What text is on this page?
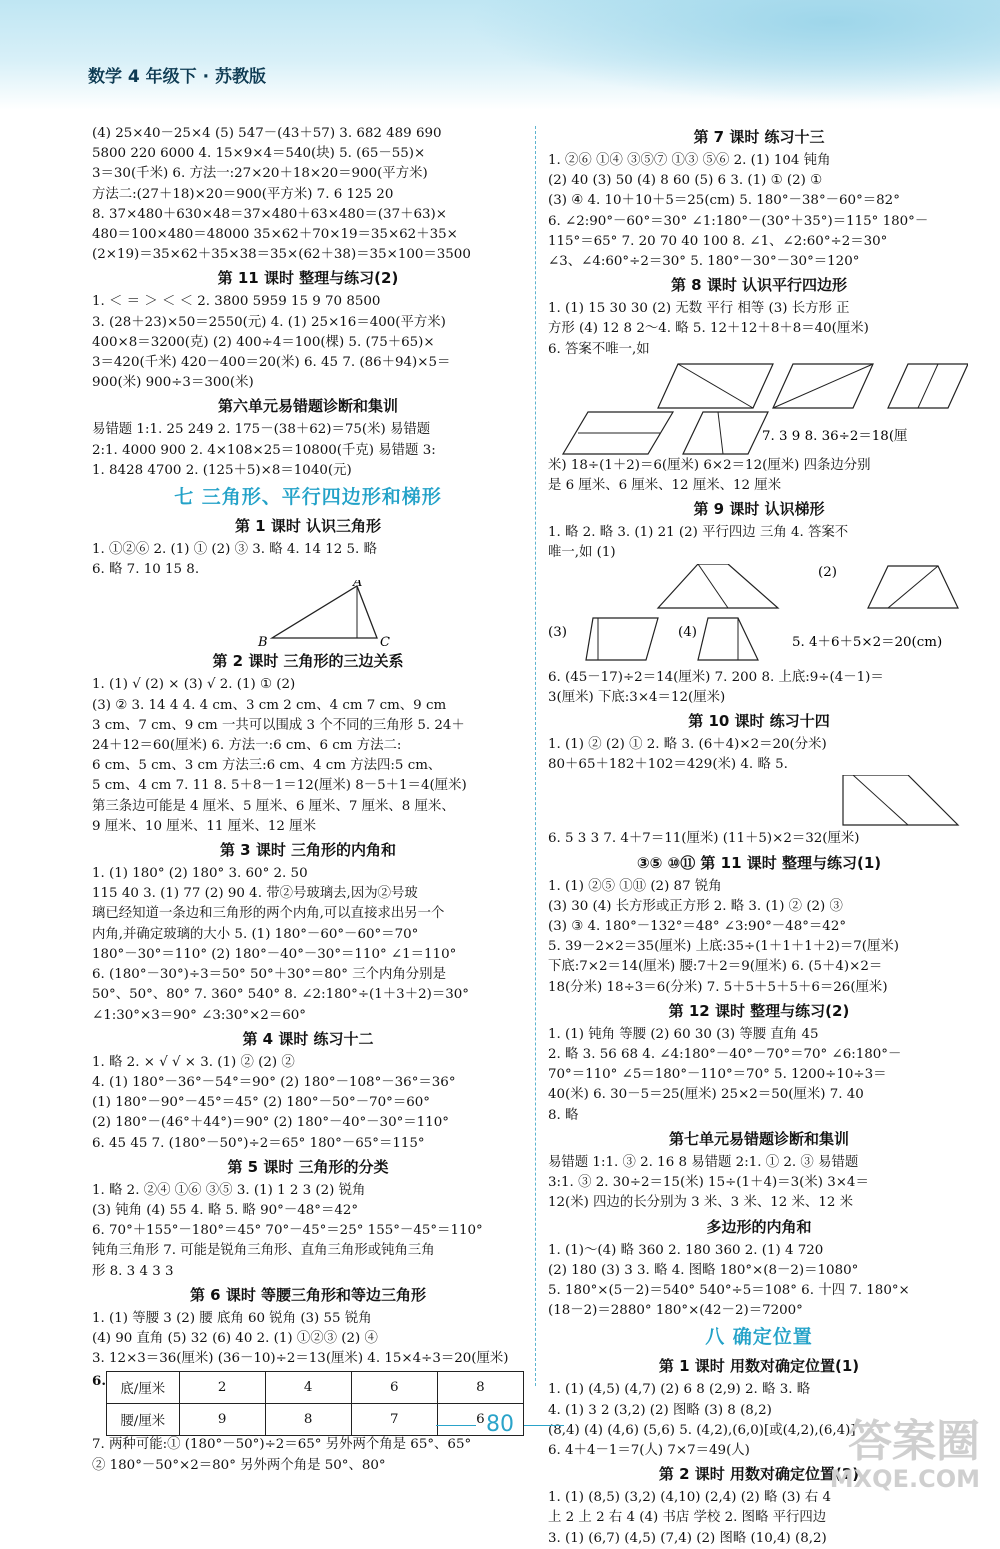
数学 4 年级下 · 苏教版
(4) 25×40－25×4 (5) 547－(43＋57) 3. 682 489 690
5800 220 6000 4. 15×9×4＝540(块) 5. (65－55)×
3＝30(千米) 6. 方法一:27×20＋18×20＝900(平方米)
方法二:(27＋18)×20＝900(平方米) 7. 6 125 20
8. 37×480＋630×48＝37×480＋63×480＝(37＋63)×
480＝100×480＝48000 35×62＋70×19＝35×62＋35×
(2×19)＝35×62＋35×38＝35×(62＋38)＝35×100＝3500
第 11 课时 整理与练习(2)
1. ＜ ＝ ＞ ＜ ＜ 2. 3800 5959 15 9 70 8500
3. (28＋23)×50＝2550(元) 4. (1) 25×16＝400(平方米)
400×8＝3200(克) (2) 400÷4＝100(棵) 5. (75＋65)×
3＝420(千米) 420－400＝20(米) 6. 45 7. (86＋94)×5＝
900(米) 900÷3＝300(米)
第六单元易错题诊断和集训
易错题 1:1. 25 249 2. 175－(38＋62)＝75(米) 易错题
2:1. 4000 900 2. 4×108×25＝10800(千克) 易错题 3:
1. 8428 4700 2. (125＋5)×8＝1040(元)
七 三角形、平行四边形和梯形
第 1 课时 认识三角形
1. ①②⑥ 2. (1) ① (2) ③ 3. 略 4. 14 12 5. 略
6. 略 7. 10 15 8.
A
B	C
第 2 课时 三角形的三边关系
1. (1) √ (2) × (3) √ 2. (1) ① (2)
(3) ② 3. 14 4 4. 4 cm、3 cm 2 cm、4 cm 7 cm、9 cm
3 cm、7 cm、9 cm 一共可以围成 3 个不同的三角形 5. 24＋
24＋12＝60(厘米) 6. 方法一:6 cm、6 cm 方法二:
6 cm、5 cm、3 cm 方法三:6 cm、4 cm 方法四:5 cm、
5 cm、4 cm 7. 11 8. 5＋8－1＝12(厘米) 8－5＋1＝4(厘米)
第三条边可能是 4 厘米、5 厘米、6 厘米、7 厘米、8 厘米、
9 厘米、10 厘米、11 厘米、12 厘米
第 3 课时 三角形的内角和
1. (1) 180° (2) 180° 3. 60° 2. 50
115 40 3. (1) 77 (2) 90 4. 带②号玻璃去,因为②号玻
璃已经知道一条边和三角形的两个内角,可以直接求出另一个
内角,并确定玻璃的大小 5. (1) 180°－60°－60°＝70°
180°－30°＝110° (2) 180°－40°－30°＝110° ∠1＝110°
6. (180°－30°)÷3＝50° 50°＋30°＝80° 三个内角分别是
50°、50°、80° 7. 360° 540° 8. ∠2:180°÷(1＋3＋2)＝30°
∠1:30°×3＝90° ∠3:30°×2＝60°
第 4 课时 练习十二
1. 略 2. × √ √ × 3. (1) ② (2) ②
4. (1) 180°－36°－54°＝90° (2) 180°－108°－36°＝36°
(1) 180°－90°－45°＝45° (2) 180°－50°－70°＝60°
(2) 180°－(46°＋44°)＝90° (2) 180°－40°－30°＝110°
6. 45 45 7. (180°－50°)÷2＝65° 180°－65°＝115°
第 5 课时 三角形的分类
1. 略 2. ②④ ①⑥ ③⑤ 3. (1) 1 2 3 (2) 锐角
(3) 钝角 (4) 55 4. 略 5. 略 90°－48°＝42°
6. 70°＋155°－180°＝45° 70°－45°＝25° 155°－45°＝110°
钝角三角形 7. 可能是锐角三角形、直角三角形或钝角三角
形 8. 3 4 3 3
第 6 课时 等腰三角形和等边三角形
1. (1) 等腰 3 (2) 腰 底角 60 锐角 (3) 55 锐角
(4) 90 直角 (5) 32 (6) 40 2. (1) ①②③ (2) ④
3. 12×3＝36(厘米) (36－10)÷2＝13(厘米) 4. 15×4÷3＝20(厘米)
6.
底/厘米	2	4	6	8
腰/厘米	9	8	7	6
7. 两种可能:① (180°－50°)÷2＝65° 另外两个角是 65°、65°
② 180°－50°×2＝80° 另外两个角是 50°、80°
第 7 课时 练习十三
1. ②⑥ ①④ ③⑤⑦ ①③ ⑤⑥ 2. (1) 104 钝角
(2) 40 (3) 50 (4) 8 60 (5) 6 3. (1) ① (2) ①
(3) ④ 4. 10＋10＋5＝25(cm) 5. 180°－38°－60°＝82°
6. ∠2:90°－60°＝30° ∠1:180°－(30°＋35°)＝115° 180°－
115°＝65° 7. 20 70 40 100 8. ∠1、∠2:60°÷2＝30°
∠3、∠4:60°÷2＝30° 5. 180°－30°－30°＝120°
第 8 课时 认识平行四边形
1. (1) 15 30 30 (2) 无数 平行 相等 (3) 长方形 正
方形 (4) 12 8 2～4. 略 5. 12＋12＋8＋8＝40(厘米)
6. 答案不唯一,如
7. 3 9 8. 36÷2＝18(厘
米) 18÷(1＋2)＝6(厘米) 6×2＝12(厘米) 四条边分别
是 6 厘米、6 厘米、12 厘米、12 厘米
第 9 课时 认识梯形
1. 略 2. 略 3. (1) 21 (2) 平行四边 三角 4. 答案不
唯一,如 (1)
(2)
(3)	(4)
5. 4＋6＋5×2＝20(cm)
6. (45－17)÷2＝14(厘米) 7. 200 8. 上底:9÷(4－1)＝
3(厘米) 下底:3×4＝12(厘米)
第 10 课时 练习十四
1. (1) ② (2) ① 2. 略 3. (6＋4)×2＝20(分米)
80＋65＋182＋102＝429(米) 4. 略 5.
6. 5 3 3 7. 4＋7＝11(厘米) (11＋5)×2＝32(厘米)
③⑤ ⑩⑪ 第 11 课时 整理与练习(1)
1. (1) ②⑤ ①⑪ (2) 87 锐角
(3) 30 (4) 长方形或正方形 2. 略 3. (1) ② (2) ③
(3) ③ 4. 180°－132°＝48° ∠3:90°－48°＝42°
5. 39－2×2＝35(厘米) 上底:35÷(1＋1＋1＋2)＝7(厘米)
下底:7×2＝14(厘米) 腰:7＋2＝9(厘米) 6. (5＋4)×2＝
18(分米) 18÷3＝6(分米) 7. 5＋5＋5＋5＋6＝26(厘米)
第 12 课时 整理与练习(2)
1. (1) 钝角 等腰 (2) 60 30 (3) 等腰 直角 45
2. 略 3. 56 68 4. ∠4:180°－40°－70°＝70° ∠6:180°－
70°＝110° ∠5＝180°－110°＝70° 5. 1200÷10÷3＝
40(米) 6. 30－5＝25(厘米) 25×2＝50(厘米) 7. 40
8. 略
第七单元易错题诊断和集训
易错题 1:1. ③ 2. 16 8 易错题 2:1. ① 2. ③ 易错题
3:1. ③ 2. 30÷2＝15(米) 15÷(1＋4)＝3(米) 3×4＝
12(米) 四边的长分别为 3 米、3 米、12 米、12 米
多边形的内角和
1. (1)～(4) 略 360 2. 180 360 2. (1) 4 720
(2) 180 (3) 3 3. 略 4. 图略 180°×(8－2)＝1080°
5. 180°×(5－2)＝540° 540°÷5＝108° 6. 十四 7. 180°×
(18－2)＝2880° 180°×(42－2)＝7200°
八 确定位置
第 1 课时 用数对确定位置(1)
1. (1) (4,5) (4,7) (2) 6 8 (2,9) 2. 略 3. 略
4. (1) 3 2 (3,2) (2) 图略 (3) 8 (8,2)
(8,4) (4) (4,6) (5,6) 5. (4,2),(6,0)[或(4,2),(6,4)]
6. 4＋4－1＝7(人) 7×7＝49(人)
第 2 课时 用数对确定位置(2)
1. (1) (8,5) (3,2) (4,10) (2,4) (2) 略 (3) 右 4
上 2 上 2 右 4 (4) 书店 学校 2. 图略 平行四边
3. (1) (6,7) (4,5) (7,4) (2) 图略 (10,4) (8,2)
80	答案圈
MXQE.COM
